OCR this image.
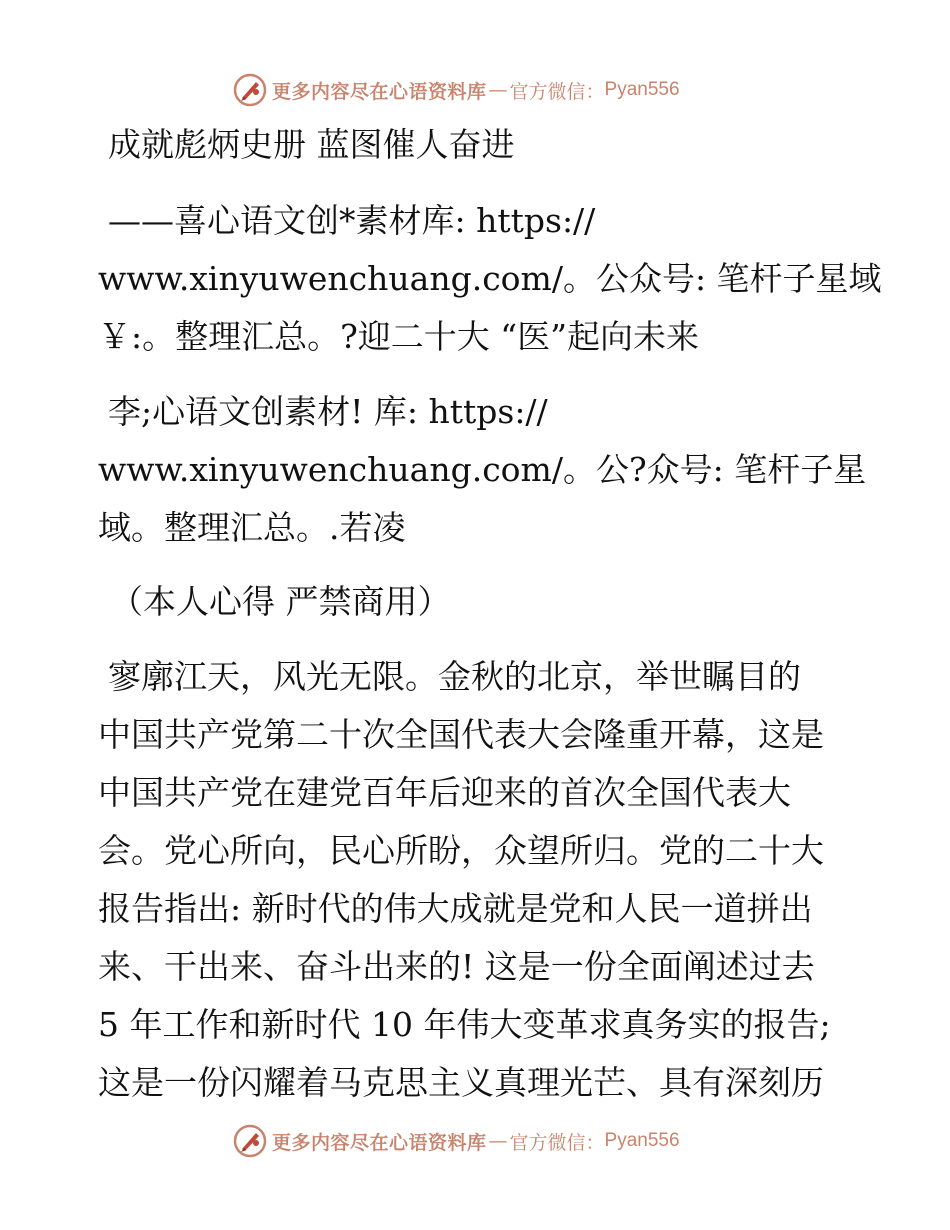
更多内容尽在心语资料库 — 官方微信： Pyan556

成就彪炳史册 蓝图催人奋进

——喜心语文创*素材库: https://

www.xinyuwenchuang.com/。公众号: 笔杆子星域

￥:。整理汇总。?迎二十大 “医”起向未来

李;心语文创素材! 库: https://

www.xinyuwenchuang.com/。公?众号: 笔杆子星

域。整理汇总。.若凌

（本人心得 严禁商用）

寥廓江天，风光无限。金秋的北京，举世瞩目的

中国共产党第二十次全国代表大会隆重开幕，这是

中国共产党在建党百年后迎来的首次全国代表大

会。党心所向，民心所盼，众望所归。党的二十大

报告指出: 新时代的伟大成就是党和人民一道拼出

来、干出来、奋斗出来的! 这是一份全面阐述过去

5 年工作和新时代 10 年伟大变革求真务实的报告;

这是一份闪耀着马克思主义真理光芒、具有深刻历

更多内容尽在心语资料库 — 官方微信： Pyan556
